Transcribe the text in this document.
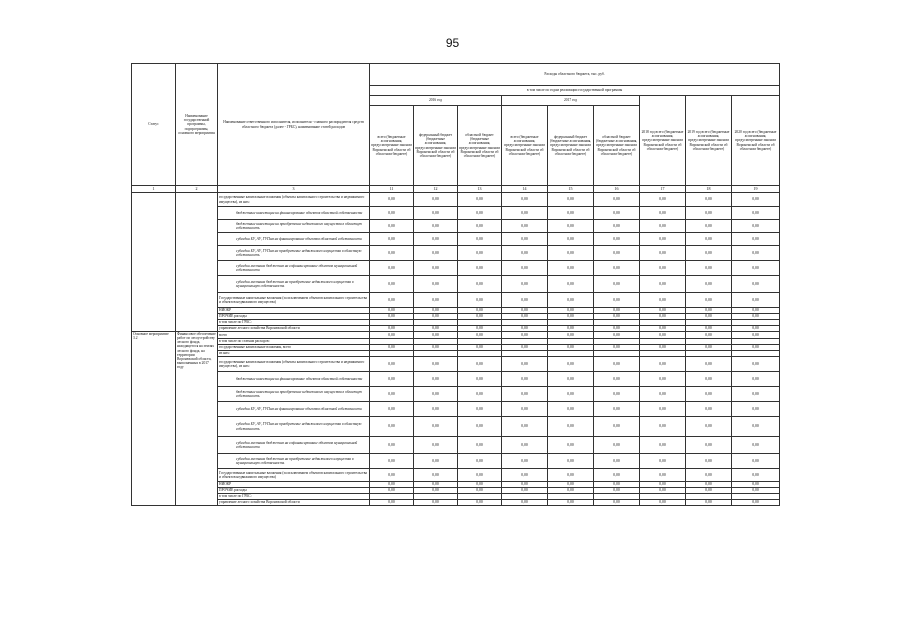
95
Статус	Наименование государственной программы, подпрограммы, основного мероприятия	Наименование ответственного исполнителя, исполнителя - главного распорядителя средств областного бюджета (далее - ГРБС), наименование статей расходов	Расходы областного бюджета, тыс. руб.								
			в том числе по годам реализации государственной программы								
			2016 год			2017 год			2018 год всего (бюджетные ассигнования, предусмотренные законом Воронежской области об областном бюджете)	2019 год всего (бюджетные ассигнования, предусмотренные законом Воронежской области об областном бюджете)	2020 год всего (бюджетные ассигнования, предусмотренные законом Воронежской области об областном бюджете)
			всего (бюджетные ассигнования, предусмотренные законом Воронежской области об областном бюджете)	федеральный бюджет (бюджетные ассигнования, предусмотренные законом Воронежской области об областном бюджете)	областной бюджет (бюджетные ассигнования, предусмотренные законом Воронежской области об областном бюджете)	всего (бюджетные ассигнования, предусмотренные законом Воронежской области об областном бюджете)	федеральный бюджет (бюджетные ассигнования, предусмотренные законом Воронежской области об областном бюджете)	областной бюджет (бюджетные ассигнования, предусмотренные законом Воронежской области об областном бюджете)			
1	2	3	11	12	13	14	15	16	17	18	19
		государственные капитальные вложения (объекты капитального строительства и недвижимого имущества), из них:	0,00	0,00	0,00	0,00	0,00	0,00	0,00	0,00	0,00
		бюджетные инвестиции на финансирование объектов областной собственности	0,00	0,00	0,00	0,00	0,00	0,00	0,00	0,00	0,00
		бюджетные инвестиции на приобретение недвижимого имущества в областную собственность	0,00	0,00	0,00	0,00	0,00	0,00	0,00	0,00	0,00
		субсидии БУ, АУ, ГУПам на финансирование объектов областной собственности	0,00	0,00	0,00	0,00	0,00	0,00	0,00	0,00	0,00
		субсидии БУ, АУ, ГУПам на приобретение недвижимого имущества в областную собственность	0,00	0,00	0,00	0,00	0,00	0,00	0,00	0,00	0,00
		субсидии местным бюджетам на софинансирование объектов муниципальной собственности	0,00	0,00	0,00	0,00	0,00	0,00	0,00	0,00	0,00
		субсидии местным бюджетам на приобретение недвижимого имущества в муниципальную собственность	0,00	0,00	0,00	0,00	0,00	0,00	0,00	0,00	0,00
		Государственные капитальные вложения (за исключением объектов капитального строительства и объектов недвижимого имущества)	0,00	0,00	0,00	0,00	0,00	0,00	0,00	0,00	0,00
		НИОКР	0,00	0,00	0,00	0,00	0,00	0,00	0,00	0,00	0,00
		ПРОЧИЕ расходы	0,00	0,00	0,00	0,00	0,00	0,00	0,00	0,00	0,00
		в том числе по ГРБС:									
		управление лесного хозяйства Воронежской области	0,00	0,00	0,00	0,00	0,00	0,00	0,00	0,00	0,00
Основное мероприятие 3.2	Финансовое обеспечение работ по лесоустройству лесного фонда, находящегося на землях лесного фонда, на территории Воронежской области, выполненных в 2017 году	всего	0,00	0,00	0,00	0,00	0,00	0,00	0,00	0,00	0,00
		в том числе по статьям расходов:									
		государственные капитальные вложения, всего	0,00	0,00	0,00	0,00	0,00	0,00	0,00	0,00	0,00
		из них:									
		государственные капитальные вложения (объекты капитального строительства и недвижимого имущества), из них:	0,00	0,00	0,00	0,00	0,00	0,00	0,00	0,00	0,00
		бюджетные инвестиции на финансирование объектов областной собственности	0,00	0,00	0,00	0,00	0,00	0,00	0,00	0,00	0,00
		бюджетные инвестиции на приобретение недвижимого имущества в областную собственность	0,00	0,00	0,00	0,00	0,00	0,00	0,00	0,00	0,00
		субсидии БУ, АУ, ГУПам на финансирование объектов областной собственности	0,00	0,00	0,00	0,00	0,00	0,00	0,00	0,00	0,00
		субсидии БУ, АУ, ГУПам на приобретение недвижимого имущества в областную собственность	0,00	0,00	0,00	0,00	0,00	0,00	0,00	0,00	0,00
		субсидии местным бюджетам на софинансирование объектов муниципальной собственности	0,00	0,00	0,00	0,00	0,00	0,00	0,00	0,00	0,00
		субсидии местным бюджетам на приобретение недвижимого имущества в муниципальную собственность	0,00	0,00	0,00	0,00	0,00	0,00	0,00	0,00	0,00
		Государственные капитальные вложения (за исключением объектов капитального строительства и объектов недвижимого имущества)	0,00	0,00	0,00	0,00	0,00	0,00	0,00	0,00	0,00
		НИОКР	0,00	0,00	0,00	0,00	0,00	0,00	0,00	0,00	0,00
		ПРОЧИЕ расходы	0,00	0,00	0,00	0,00	0,00	0,00	0,00	0,00	0,00
		в том числе по ГРБС:									
		управление лесного хозяйства Воронежской области	0,00	0,00	0,00	0,00	0,00	0,00	0,00	0,00	0,00
